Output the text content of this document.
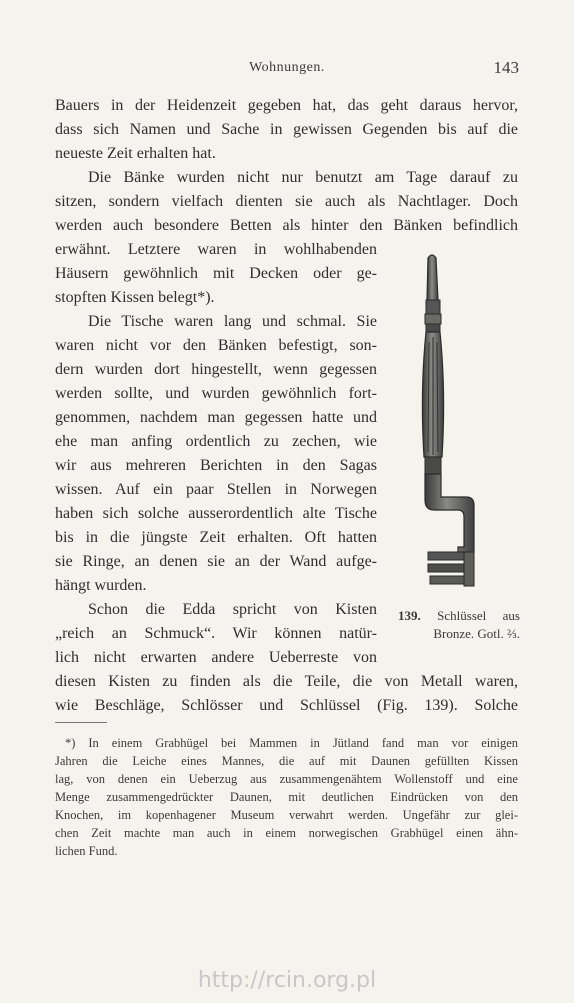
Wohnungen.	143
Bauers in der Heidenzeit gegeben hat, das geht daraus hervor,
dass sich Namen und Sache in gewissen Gegenden bis auf die
neueste Zeit erhalten hat.
Die Bänke wurden nicht nur benutzt am Tage darauf zu
sitzen, sondern vielfach dienten sie auch als Nachtlager. Doch
werden auch besondere Betten als hinter den Bänken befindlich
erwähnt. Letztere waren in wohlhabenden
Häusern gewöhnlich mit Decken oder ge-
stopften Kissen belegt*).
Die Tische waren lang und schmal. Sie
waren nicht vor den Bänken befestigt, son-
dern wurden dort hingestellt, wenn gegessen
werden sollte, und wurden gewöhnlich fort-
genommen, nachdem man gegessen hatte und
ehe man anfing ordentlich zu zechen, wie
wir aus mehreren Berichten in den Sagas
wissen. Auf ein paar Stellen in Norwegen
haben sich solche ausserordentlich alte Tische
bis in die jüngste Zeit erhalten. Oft hatten
sie Ringe, an denen sie an der Wand aufge-
hängt wurden.
Schon die Edda spricht von Kisten
„reich an Schmuck“. Wir können natür-
lich nicht erwarten andere Ueberreste von
diesen Kisten zu finden als die Teile, die von Metall waren,
wie Beschläge, Schlösser und Schlüssel (Fig. 139). Solche
139. Schlüssel aus
Bronze. Gotl. ⅔.
*) In einem Grabhügel bei Mammen in Jütland fand man vor einigen
Jahren die Leiche eines Mannes, die auf mit Daunen gefüllten Kissen
lag, von denen ein Ueberzug aus zusammengenähtem Wollenstoff und eine
Menge zusammengedrückter Daunen, mit deutlichen Eindrücken von den
Knochen, im kopenhagener Museum verwahrt werden. Ungefähr zur glei-
chen Zeit machte man auch in einem norwegischen Grabhügel einen ähn-
lichen Fund.
http://rcin.org.pl
